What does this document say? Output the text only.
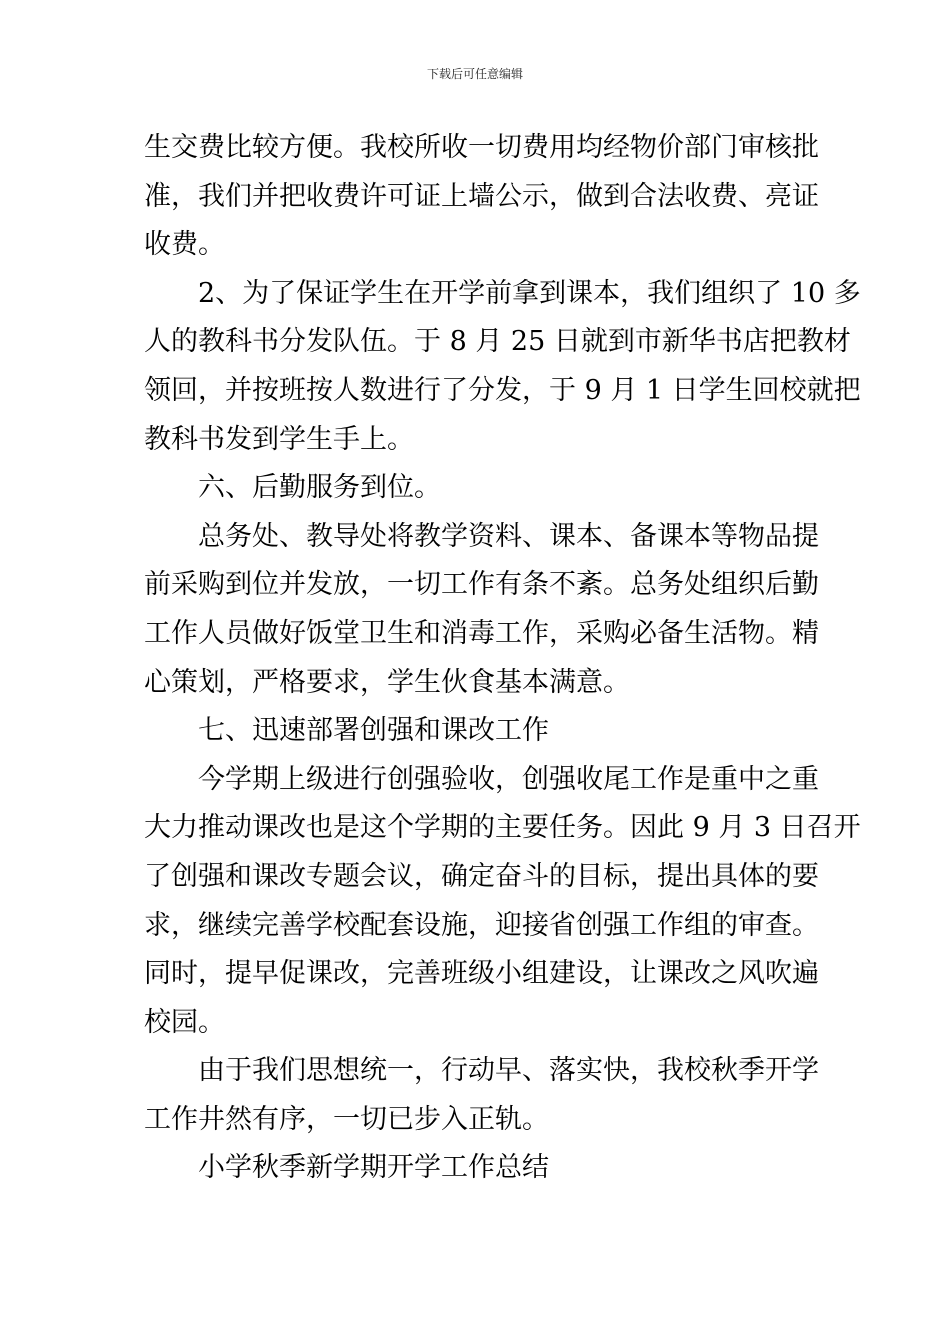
下载后可任意编辑
生交费比较方便。我校所收一切费用均经物价部门审核批
准，我们并把收费许可证上墙公示，做到合法收费、亮证
收费。
2、为了保证学生在开学前拿到课本，我们组织了 10 多
人的教科书分发队伍。于 8 月 25 日就到市新华书店把教材
领回，并按班按人数进行了分发，于 9 月 1 日学生回校就把
教科书发到学生手上。
六、后勤服务到位。
总务处、教导处将教学资料、课本、备课本等物品提
前采购到位并发放，一切工作有条不紊。总务处组织后勤
工作人员做好饭堂卫生和消毒工作，采购必备生活物。精
心策划，严格要求，学生伙食基本满意。
七、迅速部署创强和课改工作
今学期上级进行创强验收，创强收尾工作是重中之重
大力推动课改也是这个学期的主要任务。因此 9 月 3 日召开
了创强和课改专题会议，确定奋斗的目标，提出具体的要
求，继续完善学校配套设施，迎接省创强工作组的审查。
同时，提早促课改，完善班级小组建设，让课改之风吹遍
校园。
由于我们思想统一，行动早、落实快，我校秋季开学
工作井然有序，一切已步入正轨。
小学秋季新学期开学工作总结
